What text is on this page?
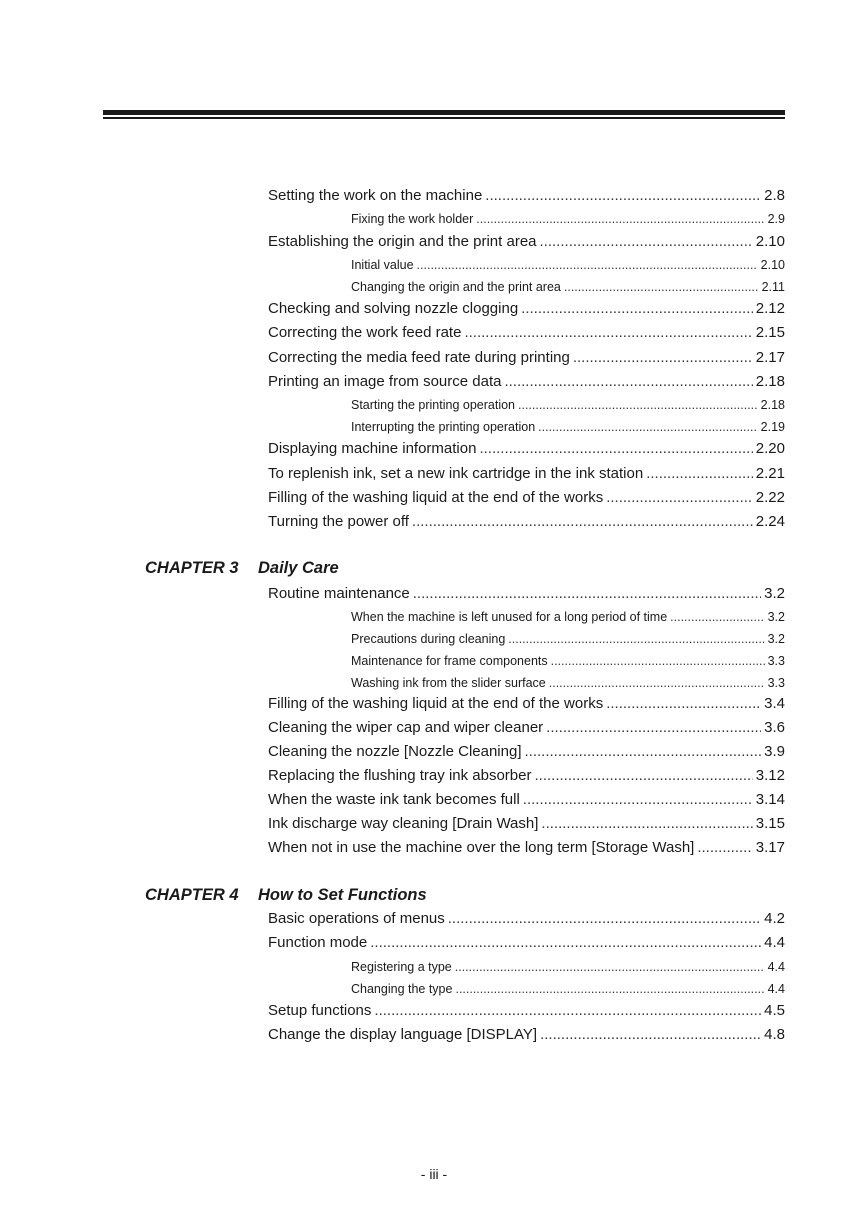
Setting the work on the machine .....	2.8
Fixing the work holder .....	2.9
Establishing the origin and the print area .....	2.10
Initial value .....	2.10
Changing the origin and the print area .....	2.11
Checking and solving nozzle clogging .....	2.12
Correcting the work feed rate .....	2.15
Correcting the media feed rate during printing .....	2.17
Printing an image from source data .....	2.18
Starting the printing operation .....	2.18
Interrupting the printing operation .....	2.19
Displaying machine information .....	2.20
To replenish ink, set a new ink cartridge in the ink station .....	2.21
Filling of the washing liquid at the end of the works .....	2.22
Turning the power off .....	2.24
CHAPTER 3 Daily Care
Routine maintenance .....	3.2
When the machine is left unused for a long period of time .....	3.2
Precautions during cleaning .....	3.2
Maintenance for frame components .....	3.3
Washing ink from the slider surface .....	3.3
Filling of the washing liquid at the end of the works .....	3.4
Cleaning the wiper cap and wiper cleaner .....	3.6
Cleaning the nozzle [Nozzle Cleaning] .....	3.9
Replacing the flushing tray ink absorber .....	3.12
When the waste ink tank becomes full .....	3.14
Ink discharge way cleaning [Drain Wash] .....	3.15
When not in use the machine over the long term [Storage Wash] .....	3.17
CHAPTER 4 How to Set Functions
Basic operations of menus .....	4.2
Function mode .....	4.4
Registering a type .....	4.4
Changing the type .....	4.4
Setup functions .....	4.5
Change the display language [DISPLAY] .....	4.8
- iii -
